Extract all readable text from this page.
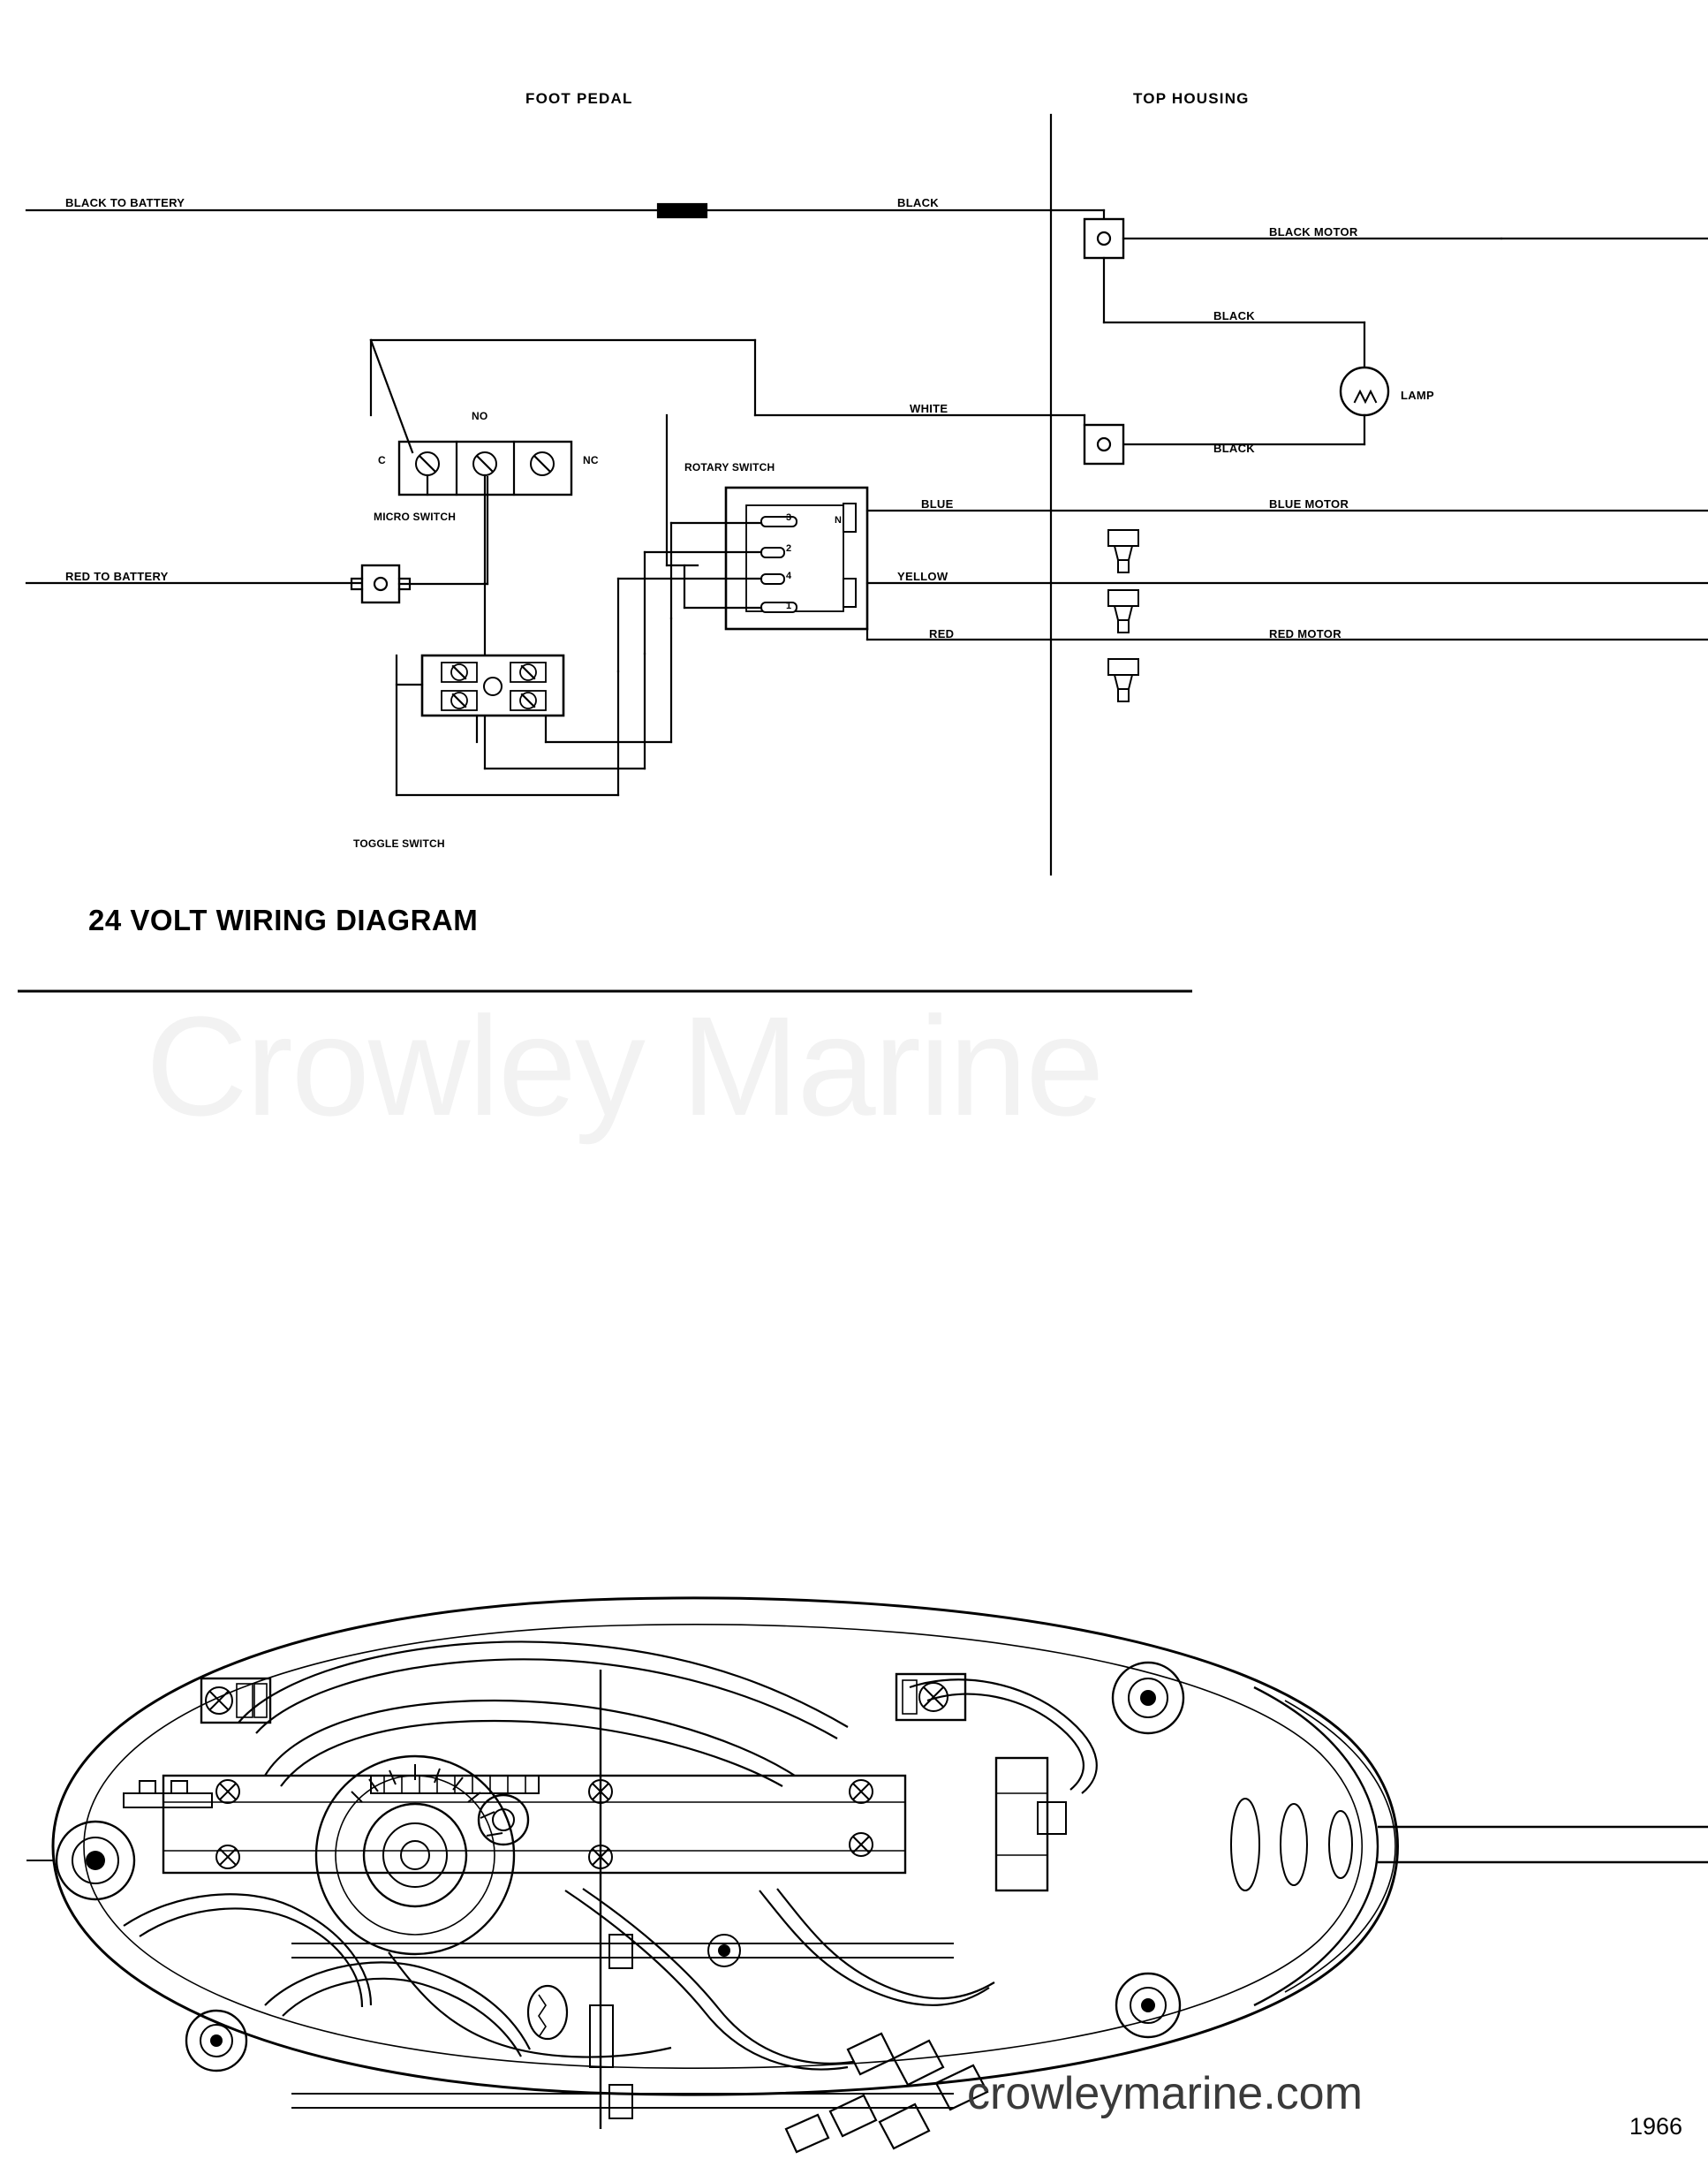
FOOT PEDAL	TOP HOUSING
BLACK TO BATTERY	BLACK
BLACK MOTOR
BLACK
WHITE
BLACK
LAMP
BLUE	BLUE MOTOR
YELLOW
RED	RED MOTOR
RED TO BATTERY
NO
C	NC
MICRO SWITCH
ROTARY SWITCH
TOGGLE SWITCH
3
2
4
1
N
24 VOLT WIRING DIAGRAM
Crowley Marine
crowleymarine.com
1966
